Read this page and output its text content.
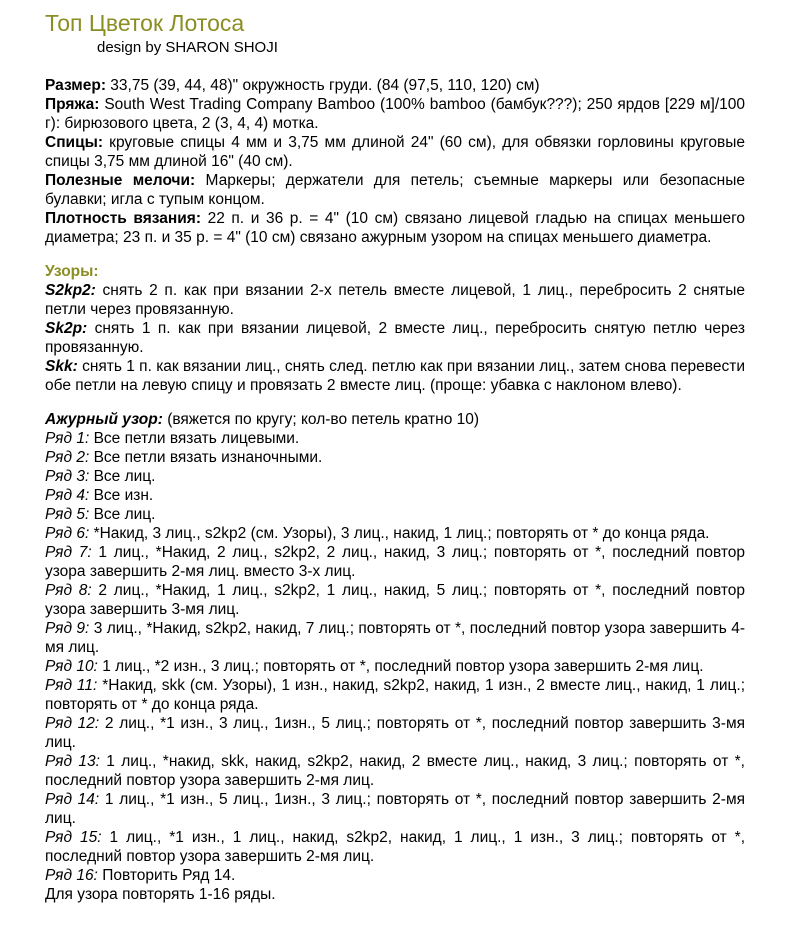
Топ Цветок Лотоса
design by SHARON SHOJI

Размер: 33,75 (39, 44, 48)" окружность груди. (84 (97,5, 110, 120) см)

Пряжа: South West Trading Company Bamboo (100% bamboo (бамбук???); 250 ярдов [229 м]/100 г): бирюзового цвета, 2 (3, 4, 4) мотка.

Спицы: круговые спицы 4 мм и 3,75 мм длиной 24" (60 см), для обвязки горловины круговые спицы 3,75 мм длиной 16" (40 см).

Полезные мелочи: Маркеры; держатели для петель; съемные маркеры или безопасные булавки; игла с тупым концом.

Плотность вязания: 22 п. и 36 р. = 4" (10 см) связано лицевой гладью на спицах меньшего диаметра; 23 п. и 35 р. = 4" (10 см) связано ажурным узором на спицах меньшего диаметра.

Узоры:

S2kp2: снять 2 п. как при вязании 2-х петель вместе лицевой, 1 лиц., перебросить 2 снятые петли через провязанную.

Sk2p: снять 1 п. как при вязании лицевой, 2 вместе лиц., перебросить снятую петлю через провязанную.

Skk: снять 1 п. как вязании лиц., снять след. петлю как при вязании лиц., затем снова перевести обе петли на левую спицу и провязать 2 вместе лиц. (проще: убавка с наклоном влево).

Ажурный узор: (вяжется по кругу; кол-во петель кратно 10)

Ряд 1: Все петли вязать лицевыми.

Ряд 2: Все петли вязать изнаночными.

Ряд 3: Все лиц.

Ряд 4: Все изн.

Ряд 5: Все лиц.

Ряд 6: *Накид, 3 лиц., s2kp2 (см. Узоры), 3 лиц., накид, 1 лиц.; повторять от * до конца ряда.

Ряд 7: 1 лиц., *Накид, 2 лиц., s2kp2, 2 лиц., накид, 3 лиц.; повторять от *, последний повтор узора завершить 2-мя лиц. вместо 3-х лиц.

Ряд 8: 2 лиц., *Накид, 1 лиц., s2kp2, 1 лиц., накид, 5 лиц.; повторять от *, последний повтор узора завершить 3-мя лиц.

Ряд 9: 3 лиц., *Накид, s2kp2, накид, 7 лиц.; повторять от *, последний повтор узора завершить 4-мя лиц.

Ряд 10: 1 лиц., *2 изн., 3 лиц.; повторять от *, последний повтор узора завершить 2-мя лиц.

Ряд 11: *Накид, skk (см. Узоры), 1 изн., накид, s2kp2, накид, 1 изн., 2 вместе лиц., накид, 1 лиц.; повторять от * до конца ряда.

Ряд 12: 2 лиц., *1 изн., 3 лиц., 1изн., 5 лиц.; повторять от *, последний повтор завершить 3-мя лиц.

Ряд 13: 1 лиц., *накид, skk, накид, s2kp2, накид, 2 вместе лиц., накид, 3 лиц.; повторять от *, последний повтор узора завершить 2-мя лиц.

Ряд 14: 1 лиц., *1 изн., 5 лиц., 1изн., 3 лиц.; повторять от *, последний повтор завершить 2-мя лиц.

Ряд 15: 1 лиц., *1 изн., 1 лиц., накид, s2kp2, накид, 1 лиц., 1 изн., 3 лиц.; повторять от *, последний повтор узора завершить 2-мя лиц.

Ряд 16: Повторить Ряд 14.

Для узора повторять 1-16 ряды.
